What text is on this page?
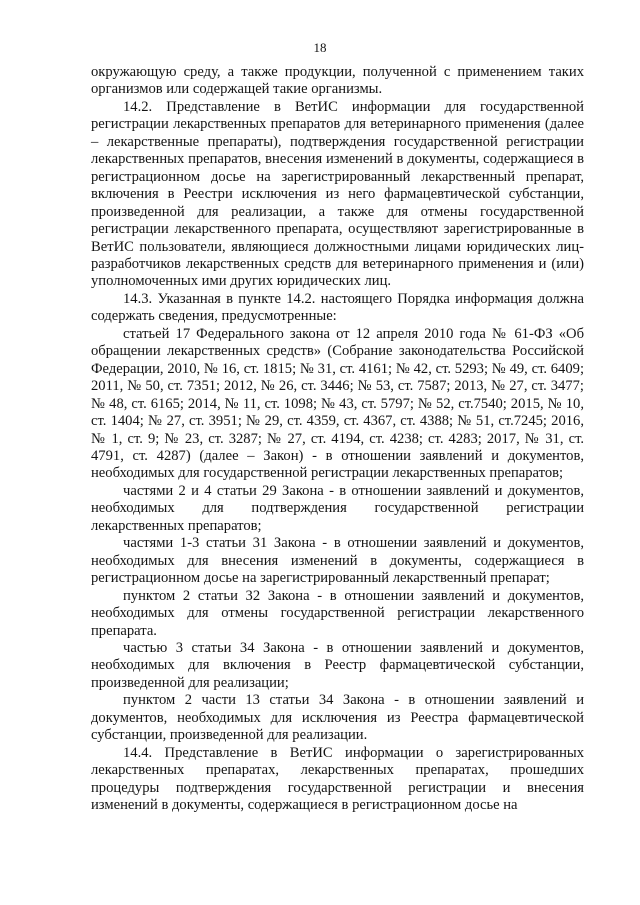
18

окружающую среду, а также продукции, полученной с применением таких организмов или содержащей такие организмы.

14.2. Представление в ВетИС информации для государственной регистрации лекарственных препаратов для ветеринарного применения (далее – лекарственные препараты), подтверждения государственной регистрации лекарственных препаратов, внесения изменений в документы, содержащиеся в регистрационном досье на зарегистрированный лекарственный препарат, включения в Реестри исключения из него фармацевтической субстанции, произведенной для реализации, а также для отмены государственной регистрации лекарственного препарата, осуществляют зарегистрированные в ВетИС пользователи, являющиеся должностными лицами юридических лиц-разработчиков лекарственных средств для ветеринарного применения и (или) уполномоченных ими других юридических лиц.

14.3. Указанная в пункте 14.2. настоящего Порядка информация должна содержать сведения, предусмотренные:

статьей 17 Федерального закона от 12 апреля 2010 года № 61-ФЗ «Об обращении лекарственных средств» (Собрание законодательства Российской Федерации, 2010, № 16, ст. 1815; № 31, ст. 4161; № 42, ст. 5293; № 49, ст. 6409; 2011, № 50, ст. 7351; 2012, № 26, ст. 3446; № 53, ст. 7587; 2013, № 27, ст. 3477; № 48, ст. 6165; 2014, № 11, ст. 1098; № 43, ст. 5797; № 52, ст.7540; 2015, № 10, ст. 1404; № 27, ст. 3951; № 29, ст. 4359, ст. 4367, ст. 4388; № 51, ст.7245; 2016, № 1, ст. 9; № 23, ст. 3287; № 27, ст. 4194, ст. 4238; ст. 4283; 2017, № 31, ст. 4791, ст. 4287) (далее – Закон) - в отношении заявлений и документов, необходимых для государственной регистрации лекарственных препаратов;

частями 2 и 4 статьи 29 Закона - в отношении заявлений и документов, необходимых для подтверждения государственной регистрации лекарственных препаратов;

частями 1-3 статьи 31 Закона - в отношении заявлений и документов, необходимых для внесения изменений в документы, содержащиеся в регистрационном досье на зарегистрированный лекарственный препарат;

пунктом 2 статьи 32 Закона - в отношении заявлений и документов, необходимых для отмены государственной регистрации лекарственного препарата.

частью 3 статьи 34 Закона - в отношении заявлений и документов, необходимых для включения в Реестр фармацевтической субстанции, произведенной для реализации;

пунктом 2 части 13 статьи 34 Закона - в отношении заявлений и документов, необходимых для исключения из Реестра фармацевтической субстанции, произведенной для реализации.

14.4. Представление в ВетИС информации о зарегистрированных лекарственных препаратах, лекарственных препаратах, прошедших процедуры подтверждения государственной регистрации и внесения изменений в документы, содержащиеся в регистрационном досье на
